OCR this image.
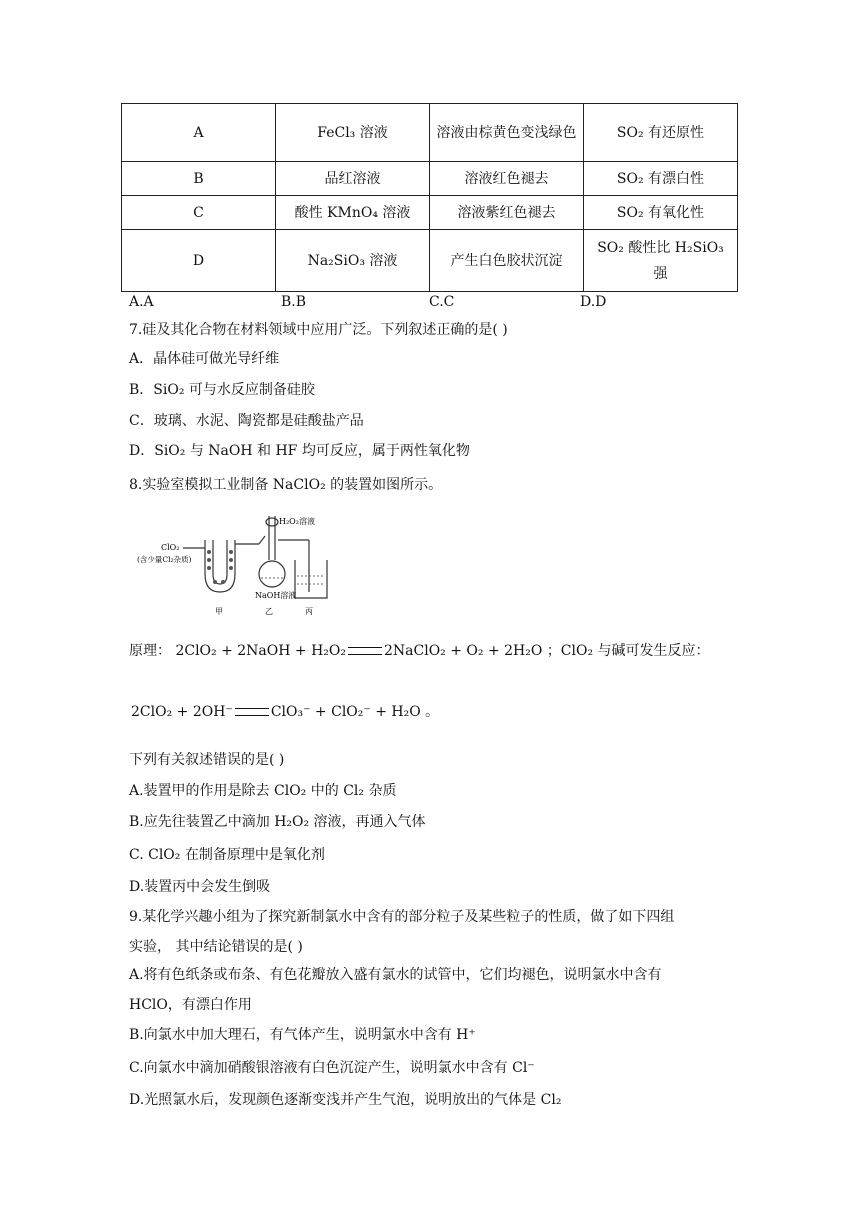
A	FeCl₃ 溶液	溶液由棕黄色变浅绿色	SO₂ 有还原性
B	品红溶液	溶液红色褪去	SO₂ 有漂白性
C	酸性 KMnO₄ 溶液	溶液紫红色褪去	SO₂ 有氧化性
D	Na₂SiO₃ 溶液	产生白色胶状沉淀	SO₂ 酸性比 H₂SiO₃ 强
A.A	B.B	C.C	D.D
7.硅及其化合物在材料领域中应用广泛。下列叙述正确的是( )
A．晶体硅可做光导纤维
B．SiO₂ 可与水反应制备硅胶
C．玻璃、水泥、陶瓷都是硅酸盐产品
D．SiO₂ 与 NaOH 和 HF 均可反应，属于两性氧化物
8.实验室模拟工业制备 NaClO₂ 的装置如图所示。
ClO₂
(含少量Cl₂杂质)
H₂O₂溶液
NaOH溶液
甲	乙	丙
原理： 2ClO₂ + 2NaOH + H₂O₂	2NaClO₂ + O₂ + 2H₂O ；ClO₂ 与碱可发生反应：
2ClO₂ + 2OH⁻	ClO₃⁻ + ClO₂⁻ + H₂O 。
下列有关叙述错误的是( )
A.装置甲的作用是除去 ClO₂ 中的 Cl₂ 杂质
B.应先往装置乙中滴加 H₂O₂ 溶液，再通入气体
C. ClO₂ 在制备原理中是氧化剂
D.装置丙中会发生倒吸
9.某化学兴趣小组为了探究新制氯水中含有的部分粒子及某些粒子的性质，做了如下四组
实验， 其中结论错误的是( )
A.将有色纸条或布条、有色花瓣放入盛有氯水的试管中，它们均褪色，说明氯水中含有
HClO，有漂白作用
B.向氯水中加大理石，有气体产生，说明氯水中含有 H⁺
C.向氯水中滴加硝酸银溶液有白色沉淀产生，说明氯水中含有 Cl⁻
D.光照氯水后，发现颜色逐渐变浅并产生气泡，说明放出的气体是 Cl₂
